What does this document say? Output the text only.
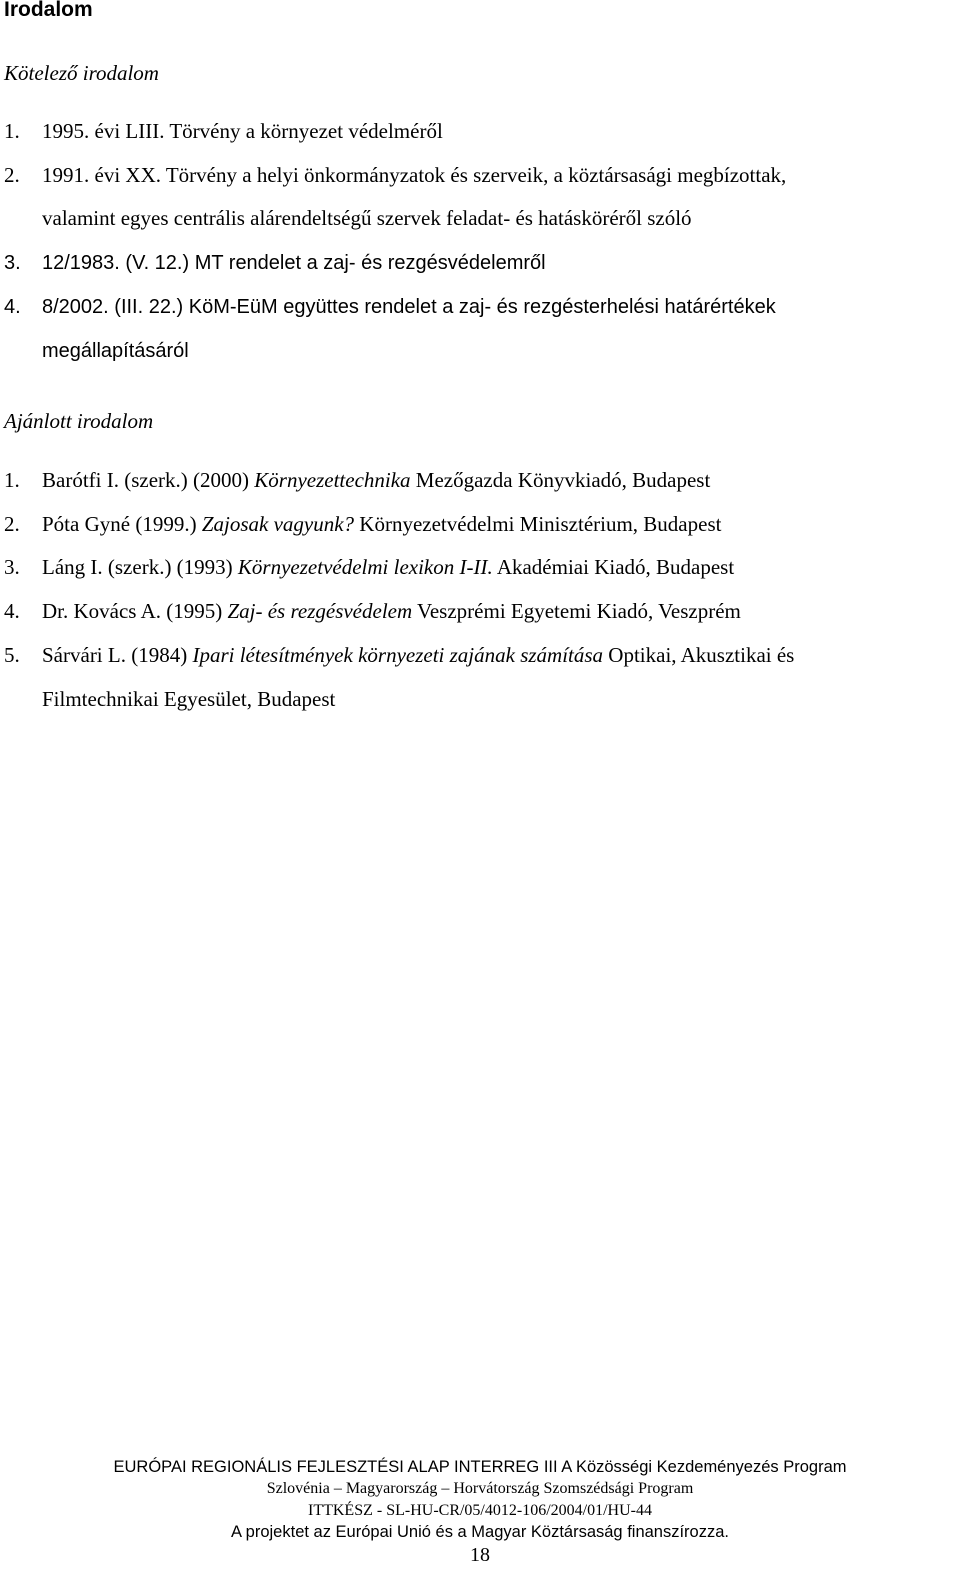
Irodalom
Kötelező irodalom
1. 1995. évi LIII. Törvény a környezet védelméről
2. 1991. évi XX. Törvény a helyi önkormányzatok és szerveik, a köztársasági megbízottak,
valamint egyes centrális alárendeltségű szervek feladat- és hatásköréről szóló
3. 12/1983. (V. 12.) MT rendelet a zaj- és rezgésvédelemről
4. 8/2002. (III. 22.) KöM-EüM együttes rendelet a zaj- és rezgésterhelési határértékek
megállapításáról
Ajánlott irodalom
1. Barótfi I. (szerk.) (2000) Környezettechnika Mezőgazda Könyvkiadó, Budapest
2. Póta Gyné (1999.) Zajosak vagyunk? Környezetvédelmi Minisztérium, Budapest
3. Láng I. (szerk.) (1993) Környezetvédelmi lexikon I-II. Akadémiai Kiadó, Budapest
4. Dr. Kovács A. (1995) Zaj- és rezgésvédelem Veszprémi Egyetemi Kiadó, Veszprém
5. Sárvári L. (1984) Ipari létesítmények környezeti zajának számítása Optikai, Akusztikai és
Filmtechnikai Egyesület, Budapest
EURÓPAI REGIONÁLIS FEJLESZTÉSI ALAP INTERREG III A Közösségi Kezdeményezés Program
Szlovénia – Magyarország – Horvátország Szomszédsági Program
ITTKÉSZ - SL-HU-CR/05/4012-106/2004/01/HU-44
A projektet az Európai Unió és a Magyar Köztársaság finanszírozza.
18
